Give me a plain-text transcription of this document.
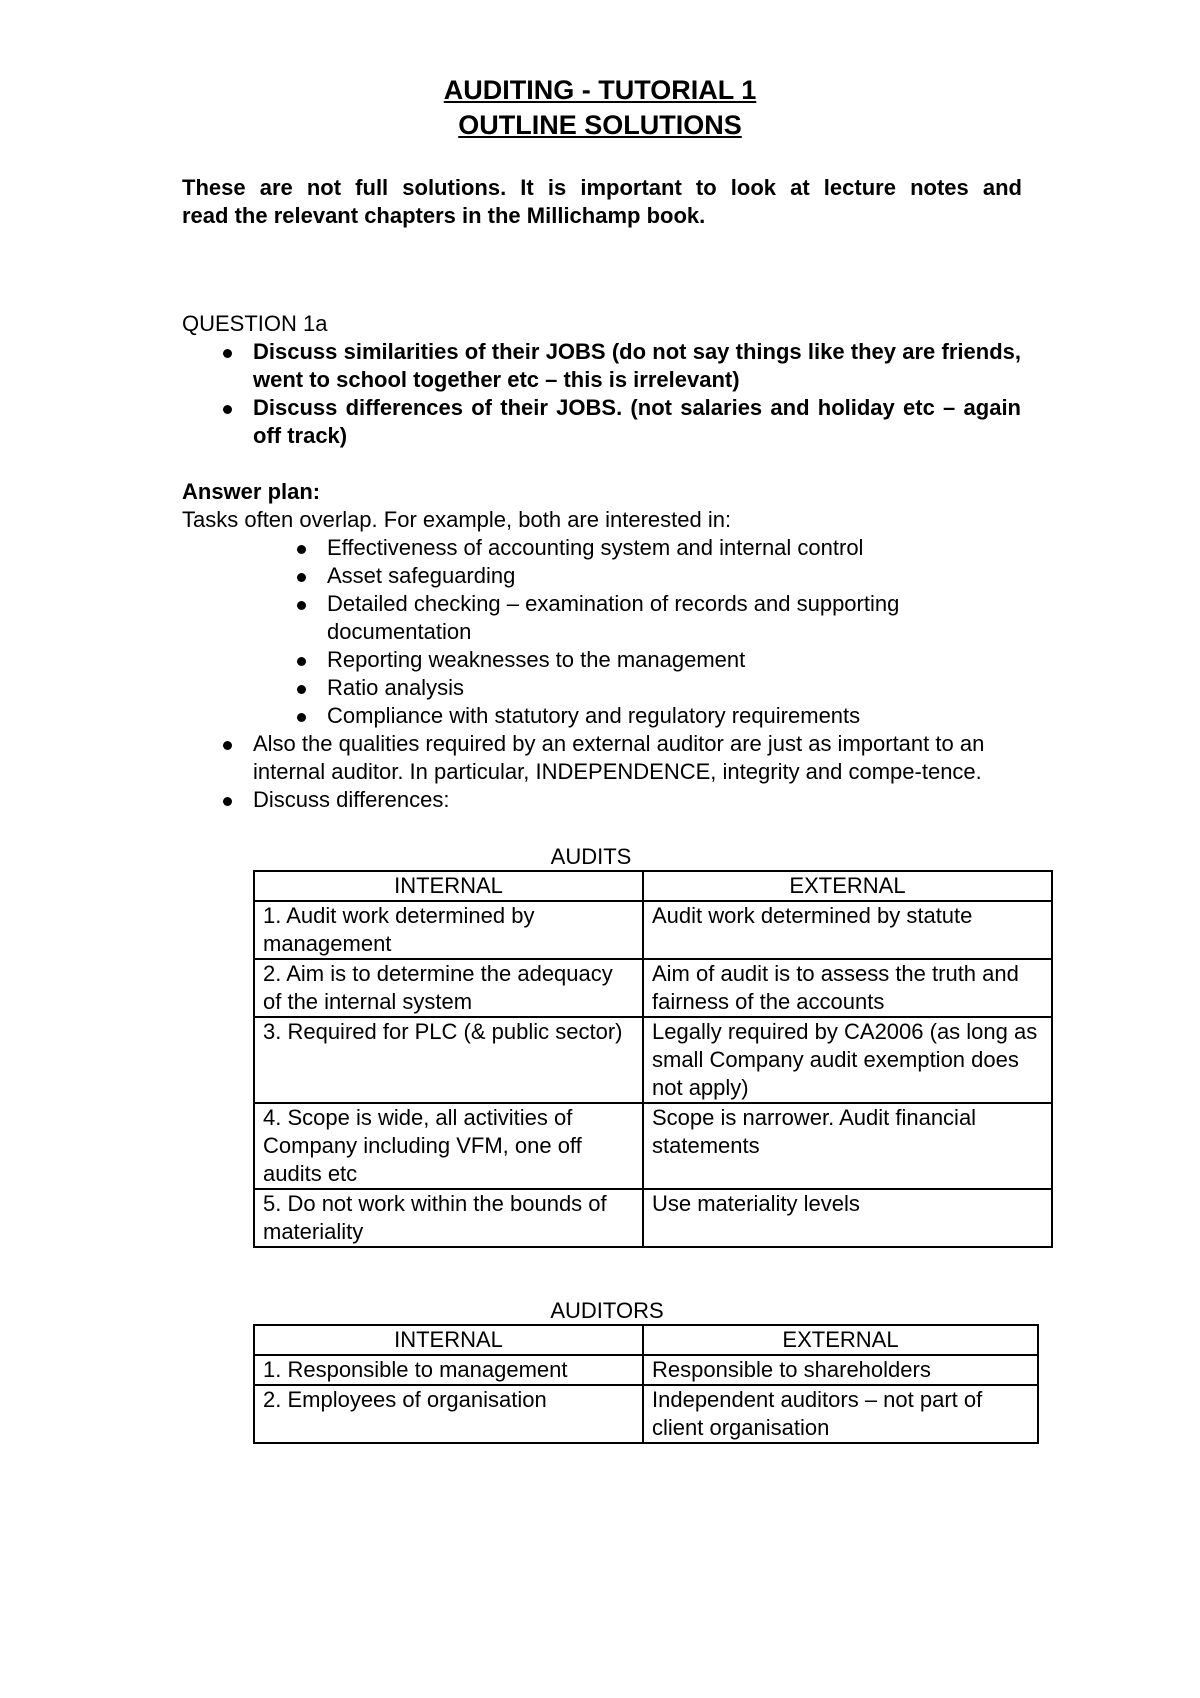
AUDITING - TUTORIAL 1
OUTLINE SOLUTIONS
These are not full solutions. It is important to look at lecture notes and
read the relevant chapters in the Millichamp book.
QUESTION 1a
Discuss similarities of their JOBS (do not say things like they are friends, went to school together etc – this is irrelevant)
Discuss differences of their JOBS. (not salaries and holiday etc – again off track)
Answer plan:
Tasks often overlap. For example, both are interested in:
Effectiveness of accounting system and internal control
Asset safeguarding
Detailed checking – examination of records and supporting documentation
Reporting weaknesses to the management
Ratio analysis
Compliance with statutory and regulatory requirements
Also the qualities required by an external auditor are just as important to an internal auditor. In particular, INDEPENDENCE, integrity and compe-tence.
Discuss differences:
AUDITS
INTERNAL	EXTERNAL
1. Audit work determined by management	Audit work determined by statute
2. Aim is to determine the adequacy of the internal system	Aim of audit is to assess the truth and fairness of the accounts
3. Required for PLC (& public sector)	Legally required by CA2006 (as long as small Company audit exemption does not apply)
4. Scope is wide, all activities of Company including VFM, one off audits etc	Scope is narrower. Audit financial statements
5. Do not work within the bounds of materiality	Use materiality levels
AUDITORS
INTERNAL	EXTERNAL
1. Responsible to management	Responsible to shareholders
2. Employees of organisation	Independent auditors – not part of client organisation
